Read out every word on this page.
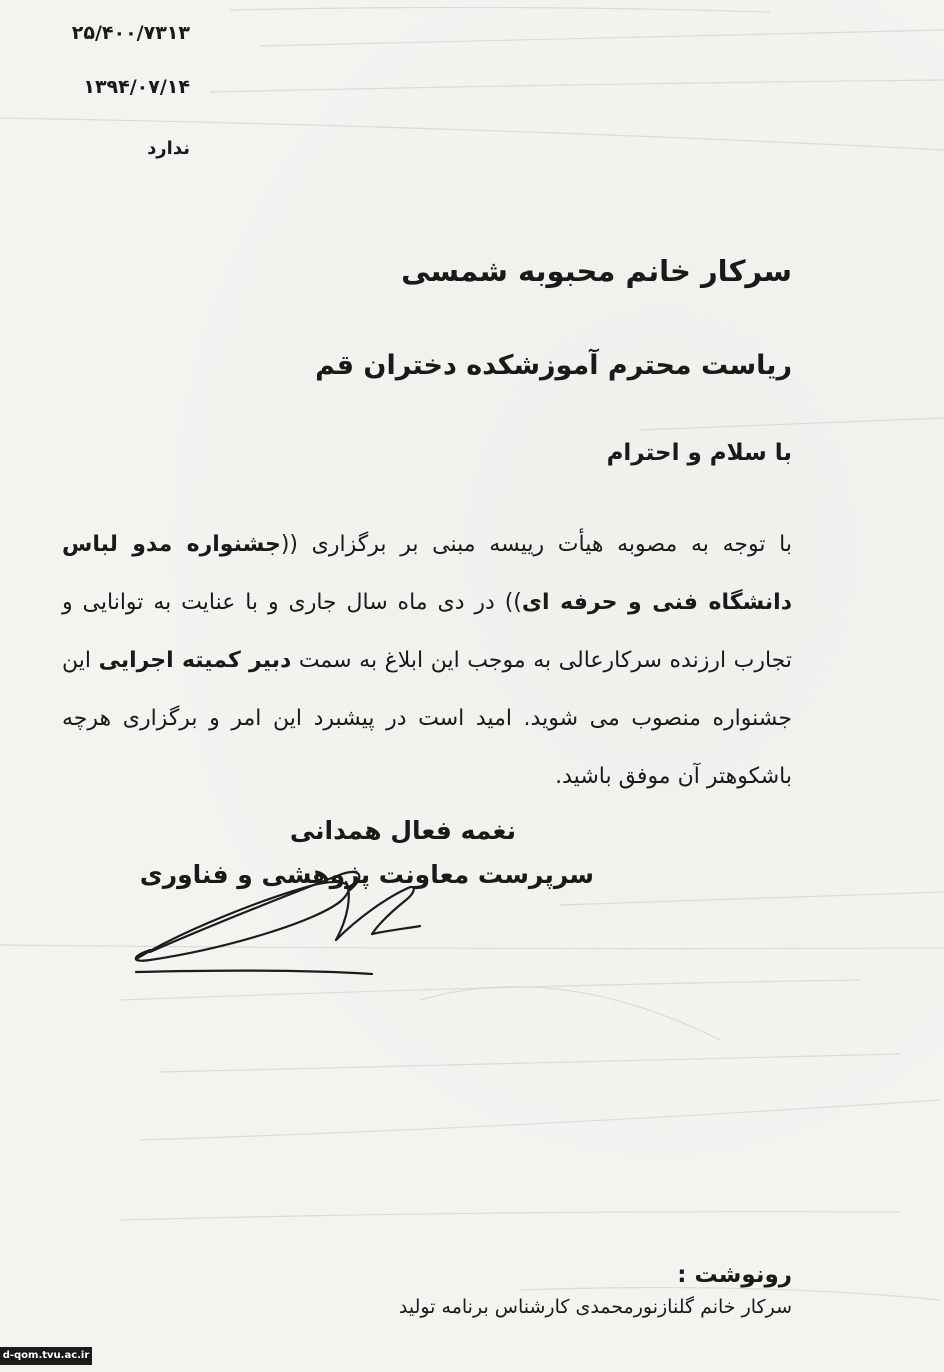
۲۵/۴۰۰/۷۳۱۳
۱۳۹۴/۰۷/۱۴
ندارد
سرکار خانم محبوبه شمسی
ریاست محترم آموزشکده دختران قم
با سلام و احترام
با توجه به مصوبه هیأت رییسه مبنی بر برگزاری ((جشنواره مدو لباس دانشگاه فنی و حرفه ای)) در دی ماه سال جاری و با عنایت به توانایی و تجارب ارزنده سرکارعالی به موجب این ابلاغ به سمت دبیر کمیته اجرایی این جشنواره منصوب می شوید. امید است در پیشبرد این امر و برگزاری هرچه باشکوهتر آن موفق باشید.
نغمه فعال همدانی
سرپرست معاونت پژوهشی و فناوری
رونوشت :
سرکار خانم گلنازنورمحمدی کارشناس برنامه تولید
d-qom.tvu.ac.ir
